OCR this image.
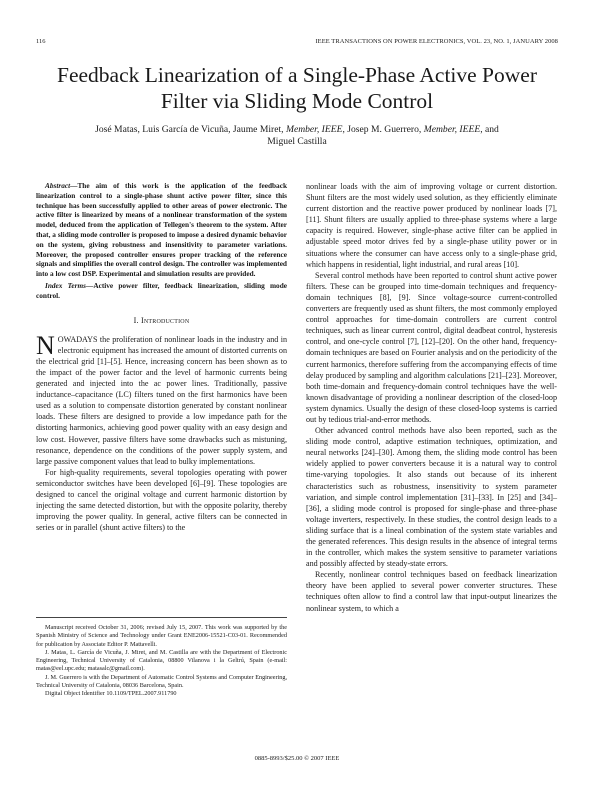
116	IEEE TRANSACTIONS ON POWER ELECTRONICS, VOL. 23, NO. 1, JANUARY 2008
Feedback Linearization of a Single-Phase Active Power Filter via Sliding Mode Control
José Matas, Luis García de Vicuña, Jaume Miret, Member, IEEE, Josep M. Guerrero, Member, IEEE, and
Miguel Castilla
Abstract—The aim of this work is the application of the feedback linearization control to a single-phase shunt active power filter, since this technique has been successfully applied to other areas of power electronic. The active filter is linearized by means of a nonlinear transformation of the system model, deduced from the application of Tellegen's theorem to the system. After that, a sliding mode controller is proposed to impose a desired dynamic behavior on the system, giving robustness and insensitivity to parameter variations. Moreover, the proposed controller ensures proper tracking of the reference signals and simplifies the overall control design. The controller was implemented into a low cost DSP. Experimental and simulation results are provided.
Index Terms—Active power filter, feedback linearization, sliding mode control.
I. Introduction

NOWADAYS the proliferation of nonlinear loads in the industry and in electronic equipment has increased the amount of distorted currents on the electrical grid [1]–[5]. Hence, increasing concern has been shown as to the impact of the power factor and the level of harmonic currents being generated and injected into the ac power lines. Traditionally, passive inductance–capacitance (LC) filters tuned on the first harmonics have been used as a solution to compensate distortion generated by constant nonlinear loads. These filters are designed to provide a low impedance path for the distorting harmonics, achieving good power quality with an easy design and low cost. However, passive filters have some drawbacks such as mistuning, resonance, dependence on the conditions of the power supply system, and large passive component values that lead to bulky implementations.

For high-quality requirements, several topologies operating with power semiconductor switches have been developed [6]–[9]. These topologies are designed to cancel the original voltage and current harmonic distortion by injecting the same detected distortion, but with the opposite polarity, thereby improving the power quality. In general, active filters can be connected in series or in parallel (shunt active filters) to the

Manuscript received October 31, 2006; revised July 15, 2007. This work was supported by the Spanish Ministry of Science and Technology under Grant ENE2006-15521-C03-01. Recommended for publication by Associate Editor P. Mattavelli.

J. Matas, L. García de Vicuña, J. Miret, and M. Castilla are with the Department of Electronic Engineering, Technical University of Catalonia, 08800 Vilanova i la Geltrú, Spain (e-mail: matas@eel.upc.edu; matasalc@gmail.com).

J. M. Guerrero is with the Department of Automatic Control Systems and Computer Engineering, Technical University of Catalonia, 08036 Barcelona, Spain.

Digital Object Identifier 10.1109/TPEL.2007.911790

nonlinear loads with the aim of improving voltage or current distortion. Shunt filters are the most widely used solution, as they efficiently eliminate current distortion and the reactive power produced by nonlinear loads [7], [11]. Shunt filters are usually applied to three-phase systems where a large capacity is required. However, single-phase active filter can be applied in adjustable speed motor drives fed by a single-phase utility power or in situations where the consumer can have access only to a single-phase grid, which happens in residential, light industrial, and rural areas [10].

Several control methods have been reported to control shunt active power filters. These can be grouped into time-domain techniques and frequency-domain techniques [8], [9]. Since voltage-source current-controlled converters are frequently used as shunt filters, the most commonly employed control approaches for time-domain controllers are current control techniques, such as linear current control, digital deadbeat control, hysteresis control, and one-cycle control [7], [12]–[20]. On the other hand, frequency-domain techniques are based on Fourier analysis and on the periodicity of the current harmonics, therefore suffering from the accompanying effects of time delay produced by sampling and algorithm calculations [21]–[23]. Moreover, both time-domain and frequency-domain control techniques have the well-known disadvantage of providing a nonlinear description of the closed-loop system dynamics. Usually the design of these closed-loop systems is carried out by tedious trial-and-error methods.

Other advanced control methods have also been reported, such as the sliding mode control, adaptive estimation techniques, optimization, and neural networks [24]–[30]. Among them, the sliding mode control has been widely applied to power converters because it is a natural way to control time-varying topologies. It also stands out because of its inherent characteristics such as robustness, insensitivity to system parameter variation, and simple control implementation [31]–[33]. In [25] and [34]–[36], a sliding mode control is proposed for single-phase and three-phase voltage inverters, respectively. In these studies, the control design leads to a sliding surface that is a lineal combination of the system state variables and the generated references. This design results in the absence of integral terms in the controller, which makes the system sensitive to parameter variations and possibly affected by steady-state errors.

Recently, nonlinear control techniques based on feedback linearization theory have been applied to several power converter structures. These techniques often allow to find a control law that input-output linearizes the nonlinear system, to which a

0885-8993/$25.00 © 2007 IEEE
